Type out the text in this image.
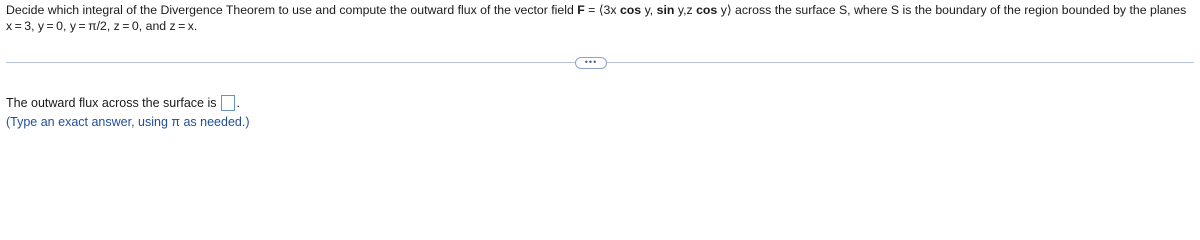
Decide which integral of the Divergence Theorem to use and compute the outward flux of the vector field F = ⟨3x cos y, sin y,z cos y⟩ across the surface S, where S is the boundary of the region bounded by the planes x = 3, y = 0, y = π/2, z = 0, and z = x.
•••
The outward flux across the surface is .
(Type an exact answer, using π as needed.)
